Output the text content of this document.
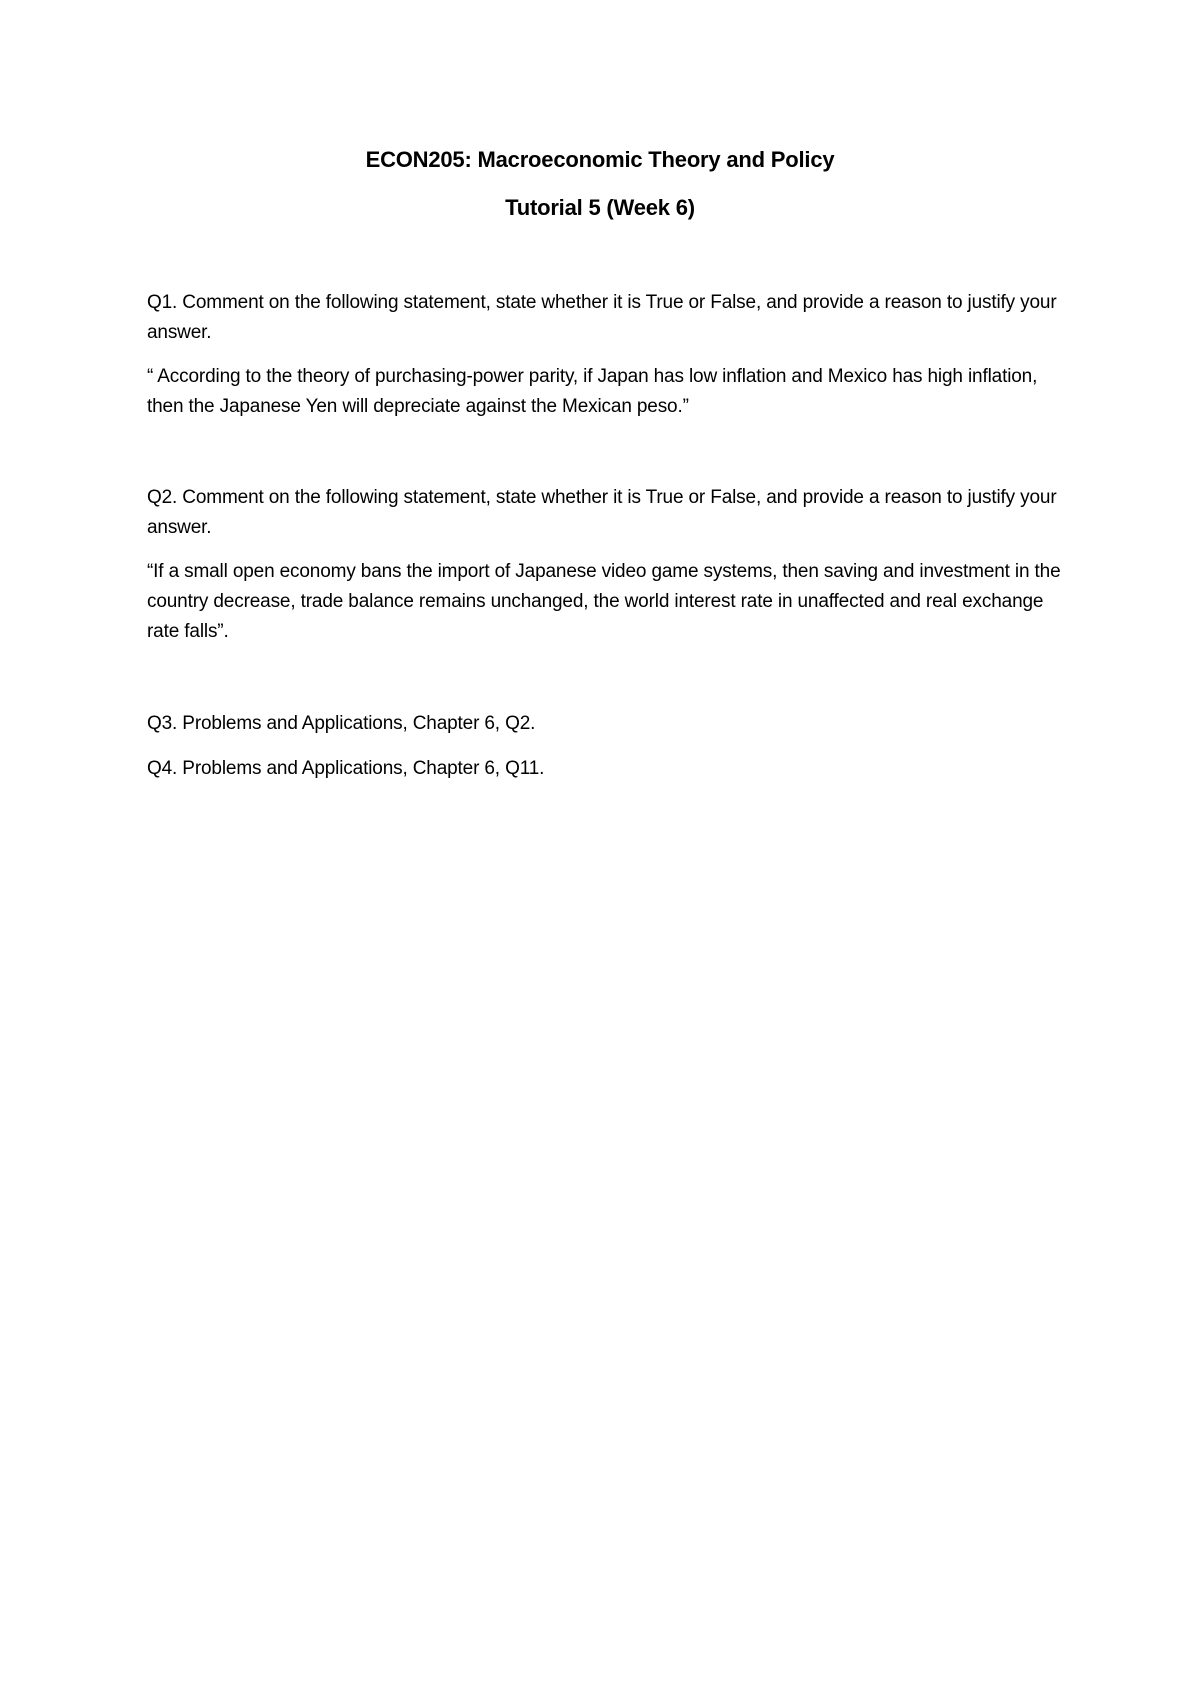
ECON205: Macroeconomic Theory and Policy
Tutorial 5 (Week 6)

Q1. Comment on the following statement, state whether it is True or False, and provide a reason to justify your answer.

“ According to the theory of purchasing-power parity, if Japan has low inflation and Mexico has high inflation, then the Japanese Yen will depreciate against the Mexican peso.”

Q2. Comment on the following statement, state whether it is True or False, and provide a reason to justify your answer.

“If a small open economy bans the import of Japanese video game systems, then saving and investment in the country decrease, trade balance remains unchanged, the world interest rate in unaffected and real exchange rate falls”.

Q3. Problems and Applications, Chapter 6, Q2.

Q4. Problems and Applications, Chapter 6, Q11.
